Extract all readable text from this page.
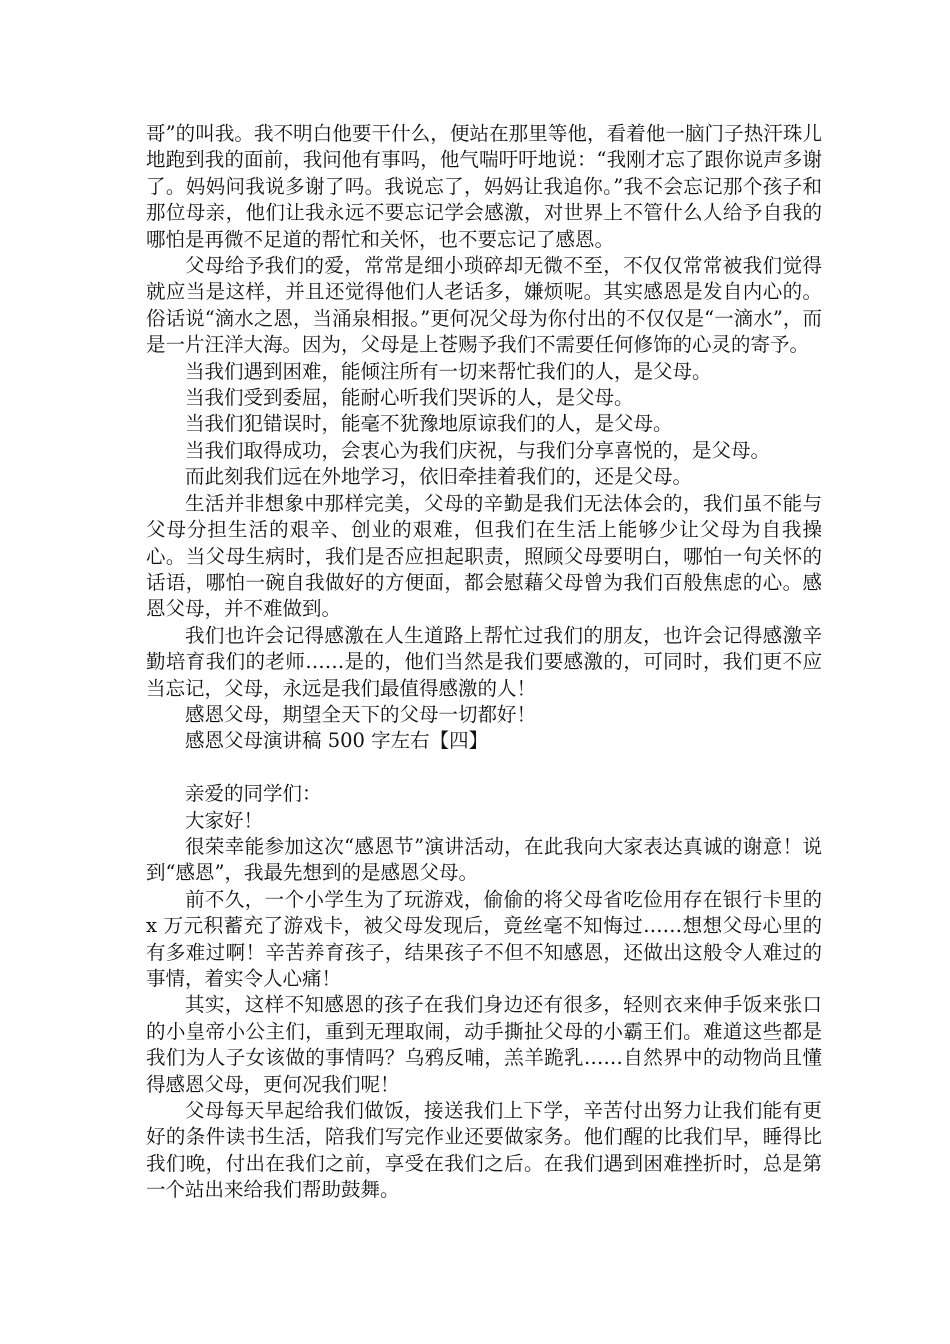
哥”的叫我。我不明白他要干什么，便站在那里等他，看着他一脑门子热汗珠儿地跑到我的面前，我问他有事吗，他气喘吁吁地说：“我刚才忘了跟你说声多谢了。妈妈问我说多谢了吗。我说忘了，妈妈让我追你。”我不会忘记那个孩子和那位母亲，他们让我永远不要忘记学会感激，对世界上不管什么人给予自我的哪怕是再微不足道的帮忙和关怀，也不要忘记了感恩。

父母给予我们的爱，常常是细小琐碎却无微不至，不仅仅常常被我们觉得就应当是这样，并且还觉得他们人老话多，嫌烦呢。其实感恩是发自内心的。俗话说“滴水之恩，当涌泉相报。”更何况父母为你付出的不仅仅是“一滴水”，而是一片汪洋大海。因为，父母是上苍赐予我们不需要任何修饰的心灵的寄予。

当我们遇到困难，能倾注所有一切来帮忙我们的人，是父母。

当我们受到委屈，能耐心听我们哭诉的人，是父母。

当我们犯错误时，能毫不犹豫地原谅我们的人，是父母。

当我们取得成功，会衷心为我们庆祝，与我们分享喜悦的，是父母。

而此刻我们远在外地学习，依旧牵挂着我们的，还是父母。

生活并非想象中那样完美，父母的辛勤是我们无法体会的，我们虽不能与父母分担生活的艰辛、创业的艰难，但我们在生活上能够少让父母为自我操心。当父母生病时，我们是否应担起职责，照顾父母要明白，哪怕一句关怀的话语，哪怕一碗自我做好的方便面，都会慰藉父母曾为我们百般焦虑的心。感恩父母，并不难做到。

我们也许会记得感激在人生道路上帮忙过我们的朋友，也许会记得感激辛勤培育我们的老师……是的，他们当然是我们要感激的，可同时，我们更不应当忘记，父母，永远是我们最值得感激的人！

感恩父母，期望全天下的父母一切都好！

感恩父母演讲稿 500 字左右【四】

亲爱的同学们：

大家好！

很荣幸能参加这次“感恩节”演讲活动，在此我向大家表达真诚的谢意！说到“感恩”，我最先想到的是感恩父母。

前不久，一个小学生为了玩游戏，偷偷的将父母省吃俭用存在银行卡里的 x 万元积蓄充了游戏卡，被父母发现后，竟丝毫不知悔过……想想父母心里的有多难过啊！辛苦养育孩子，结果孩子不但不知感恩，还做出这般令人难过的事情，着实令人心痛！

其实，这样不知感恩的孩子在我们身边还有很多，轻则衣来伸手饭来张口的小皇帝小公主们，重到无理取闹，动手撕扯父母的小霸王们。难道这些都是我们为人子女该做的事情吗？乌鸦反哺，羔羊跪乳……自然界中的动物尚且懂得感恩父母，更何况我们呢！

父母每天早起给我们做饭，接送我们上下学，辛苦付出努力让我们能有更好的条件读书生活，陪我们写完作业还要做家务。他们醒的比我们早，睡得比我们晚，付出在我们之前，享受在我们之后。在我们遇到困难挫折时，总是第一个站出来给我们帮助鼓舞。
